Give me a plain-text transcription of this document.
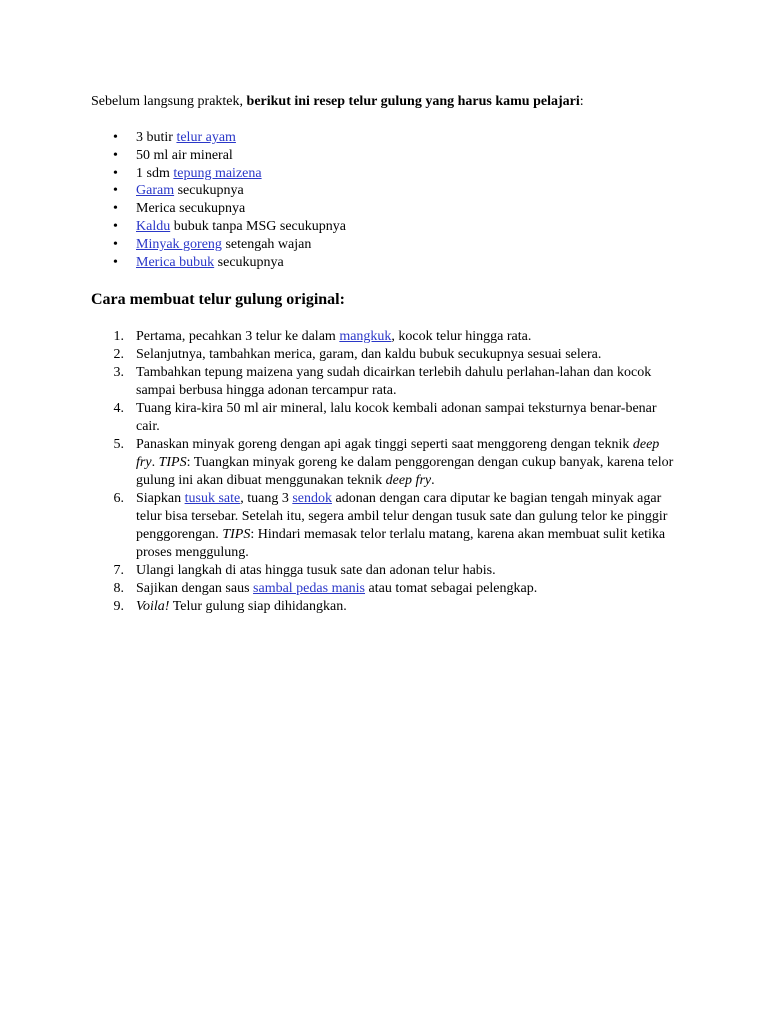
Sebelum langsung praktek, berikut ini resep telur gulung yang harus kamu pelajari:

• 3 butir telur ayam
• 50 ml air mineral
• 1 sdm tepung maizena
• Garam secukupnya
• Merica secukupnya
• Kaldu bubuk tanpa MSG secukupnya
• Minyak goreng setengah wajan
• Merica bubuk secukupnya
Cara membuat telur gulung original:
1. Pertama, pecahkan 3 telur ke dalam mangkuk, kocok telur hingga rata.
2. Selanjutnya, tambahkan merica, garam, dan kaldu bubuk secukupnya sesuai selera.
3. Tambahkan tepung maizena yang sudah dicairkan terlebih dahulu perlahan-lahan dan kocok sampai berbusa hingga adonan tercampur rata.
4. Tuang kira-kira 50 ml air mineral, lalu kocok kembali adonan sampai teksturnya benar-benar cair.
5. Panaskan minyak goreng dengan api agak tinggi seperti saat menggoreng dengan teknik deep fry. TIPS: Tuangkan minyak goreng ke dalam penggorengan dengan cukup banyak, karena telor gulung ini akan dibuat menggunakan teknik deep fry.
6. Siapkan tusuk sate, tuang 3 sendok adonan dengan cara diputar ke bagian tengah minyak agar telur bisa tersebar. Setelah itu, segera ambil telur dengan tusuk sate dan gulung telor ke pinggir penggorengan. TIPS: Hindari memasak telor terlalu matang, karena akan membuat sulit ketika proses menggulung.
7. Ulangi langkah di atas hingga tusuk sate dan adonan telur habis.
8. Sajikan dengan saus sambal pedas manis atau tomat sebagai pelengkap.
9. Voila! Telur gulung siap dihidangkan.
